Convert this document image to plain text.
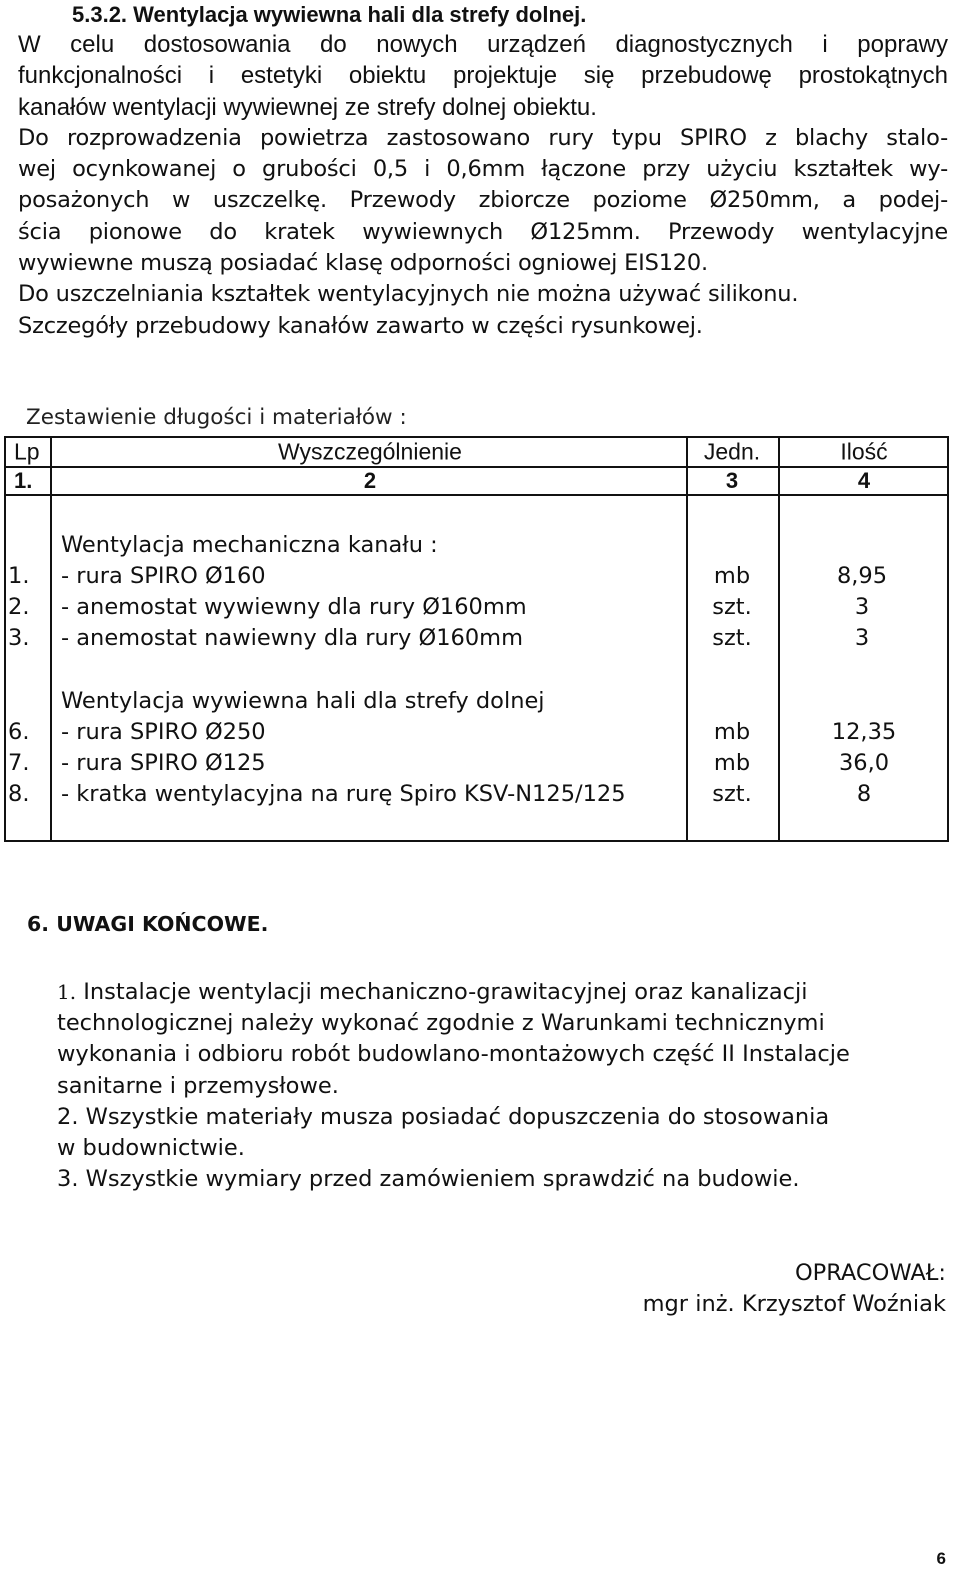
5.3.2. Wentylacja wywiewna hali dla strefy dolnej.
W celu dostosowania do nowych urządzeń diagnostycznych i poprawy
funkcjonalności i estetyki obiektu projektuje się przebudowę prostokątnych
kanałów wentylacji wywiewnej ze strefy dolnej obiektu.
Do rozprowadzenia powietrza zastosowano rury typu SPIRO z blachy stalo-
wej ocynkowanej o grubości 0,5 i 0,6mm łączone przy użyciu kształtek wy-
posażonych w uszczelkę. Przewody zbiorcze poziome Ø250mm, a podej-
ścia pionowe do kratek wywiewnych Ø125mm. Przewody wentylacyjne
wywiewne muszą posiadać klasę odporności ogniowej EIS120.
Do uszczelniania kształtek wentylacyjnych nie można używać silikonu.
Szczegóły przebudowy kanałów zawarto w części rysunkowej.
Zestawienie długości i materiałów :
Lp	Wyszczególnienie	Jedn.	Ilość
1.	2	3	4
Wentylacja mechaniczna kanału :
1. - rura SPIRO Ø160	mb	8,95
2. - anemostat wywiewny dla rury Ø160mm	szt.	3
3. - anemostat nawiewny dla rury Ø160mm	szt.	3
Wentylacja wywiewna hali dla strefy dolnej
6. - rura SPIRO Ø250	mb	12,35
7. - rura SPIRO Ø125	mb	36,0
8. - kratka wentylacyjna na rurę Spiro KSV-N125/125	szt.	8
6. UWAGI KOŃCOWE.
1. Instalacje wentylacji mechaniczno-grawitacyjnej oraz kanalizacji
technologicznej należy wykonać zgodnie z Warunkami technicznymi
wykonania i odbioru robót budowlano-montażowych część II Instalacje
sanitarne i przemysłowe.
2. Wszystkie materiały musza posiadać dopuszczenia do stosowania
w budownictwie.
3. Wszystkie wymiary przed zamówieniem sprawdzić na budowie.
OPRACOWAŁ:
mgr inż. Krzysztof Woźniak
6
